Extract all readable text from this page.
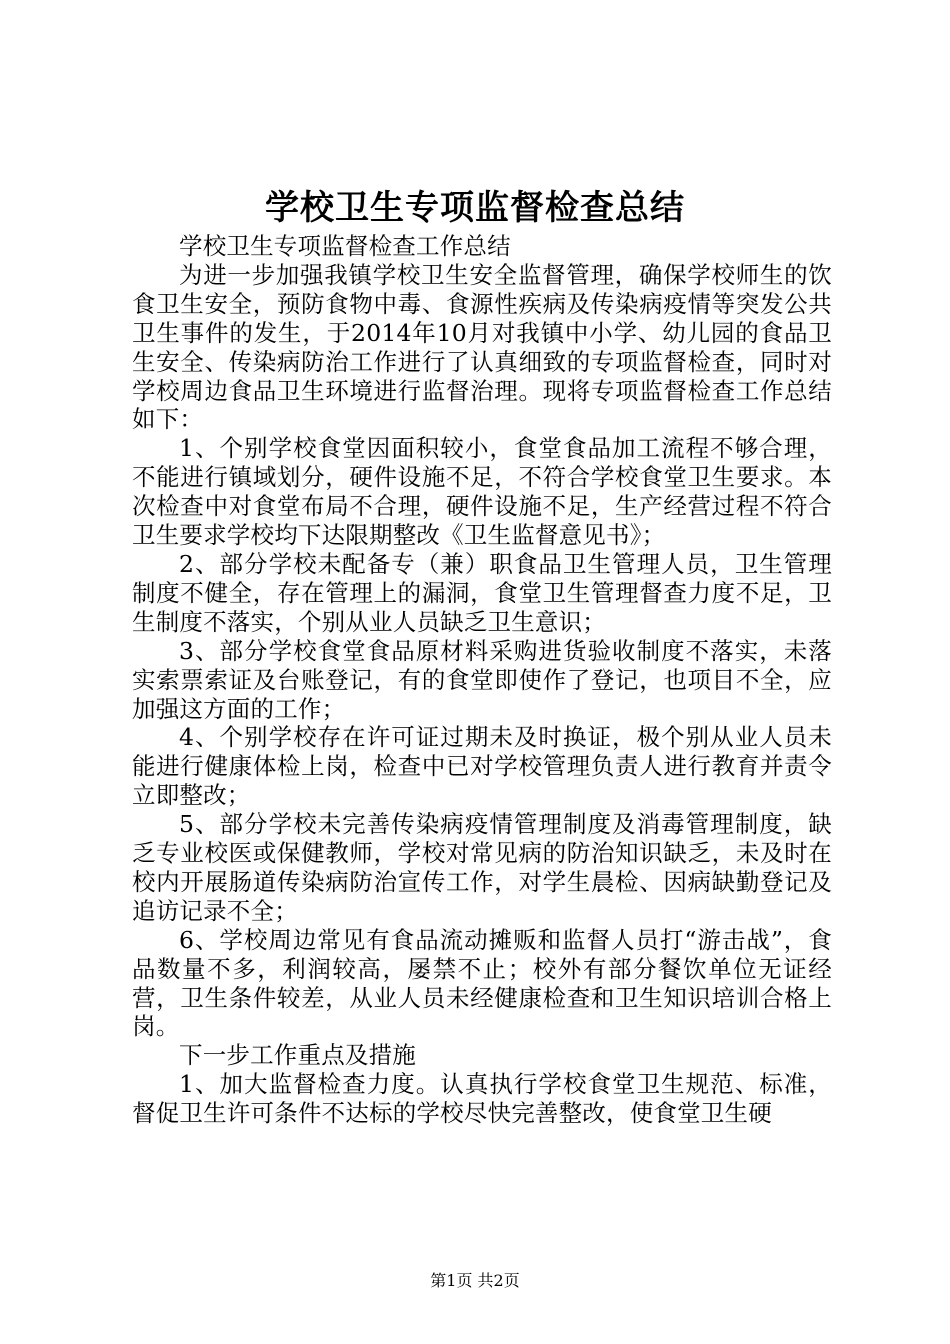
学校卫生专项监督检查总结

学校卫生专项监督检查工作总结

为进一步加强我镇学校卫生安全监督管理，确保学校师生的饮食卫生安全，预防食物中毒、食源性疾病及传染病疫情等突发公共卫生事件的发生，于2014年10月对我镇中小学、幼儿园的食品卫生安全、传染病防治工作进行了认真细致的专项监督检查，同时对学校周边食品卫生环境进行监督治理。现将专项监督检查工作总结如下：

1、个别学校食堂因面积较小，食堂食品加工流程不够合理，不能进行镇域划分，硬件设施不足，不符合学校食堂卫生要求。本次检查中对食堂布局不合理，硬件设施不足，生产经营过程不符合卫生要求学校均下达限期整改《卫生监督意见书》；

2、部分学校未配备专（兼）职食品卫生管理人员，卫生管理制度不健全，存在管理上的漏洞，食堂卫生管理督查力度不足，卫生制度不落实，个别从业人员缺乏卫生意识；

3、部分学校食堂食品原材料采购进货验收制度不落实，未落实索票索证及台账登记，有的食堂即使作了登记，也项目不全，应加强这方面的工作；

4、个别学校存在许可证过期未及时换证，极个别从业人员未能进行健康体检上岗，检查中已对学校管理负责人进行教育并责令立即整改；

5、部分学校未完善传染病疫情管理制度及消毒管理制度，缺乏专业校医或保健教师，学校对常见病的防治知识缺乏，未及时在校内开展肠道传染病防治宣传工作，对学生晨检、因病缺勤登记及追访记录不全；

6、学校周边常见有食品流动摊贩和监督人员打“游击战”，食品数量不多，利润较高，屡禁不止；校外有部分餐饮单位无证经营，卫生条件较差，从业人员未经健康检查和卫生知识培训合格上岗。

下一步工作重点及措施

1、加大监督检查力度。认真执行学校食堂卫生规范、标准，督促卫生许可条件不达标的学校尽快完善整改，使食堂卫生硬

第1页 共2页
